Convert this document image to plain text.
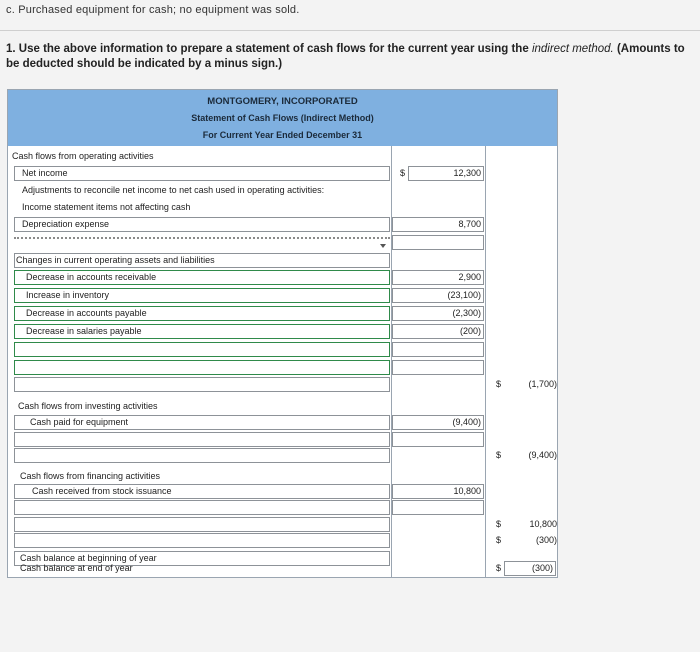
c. Purchased equipment for cash; no equipment was sold.
1. Use the above information to prepare a statement of cash flows for the current year using the indirect method. (Amounts to be deducted should be indicated by a minus sign.)
MONTGOMERY, INCORPORATED
Statement of Cash Flows (Indirect Method)
For Current Year Ended December 31
Cash flows from operating activities
Net income	$	12,300
Adjustments to reconcile net income to net cash used in operating activities:
Income statement items not affecting cash
Depreciation expense	8,700
Changes in current operating assets and liabilities
Decrease in accounts receivable	2,900
Increase in inventory	(23,100)
Decrease in accounts payable	(2,300)
Decrease in salaries payable	(200)
$	(1,700)
Cash flows from investing activities
Cash paid for equipment	(9,400)
$	(9,400)
Cash flows from financing activities
Cash received from stock issuance	10,800
$	10,800
$	(300)
Cash balance at beginning of year
Cash balance at end of year	$	(300)
